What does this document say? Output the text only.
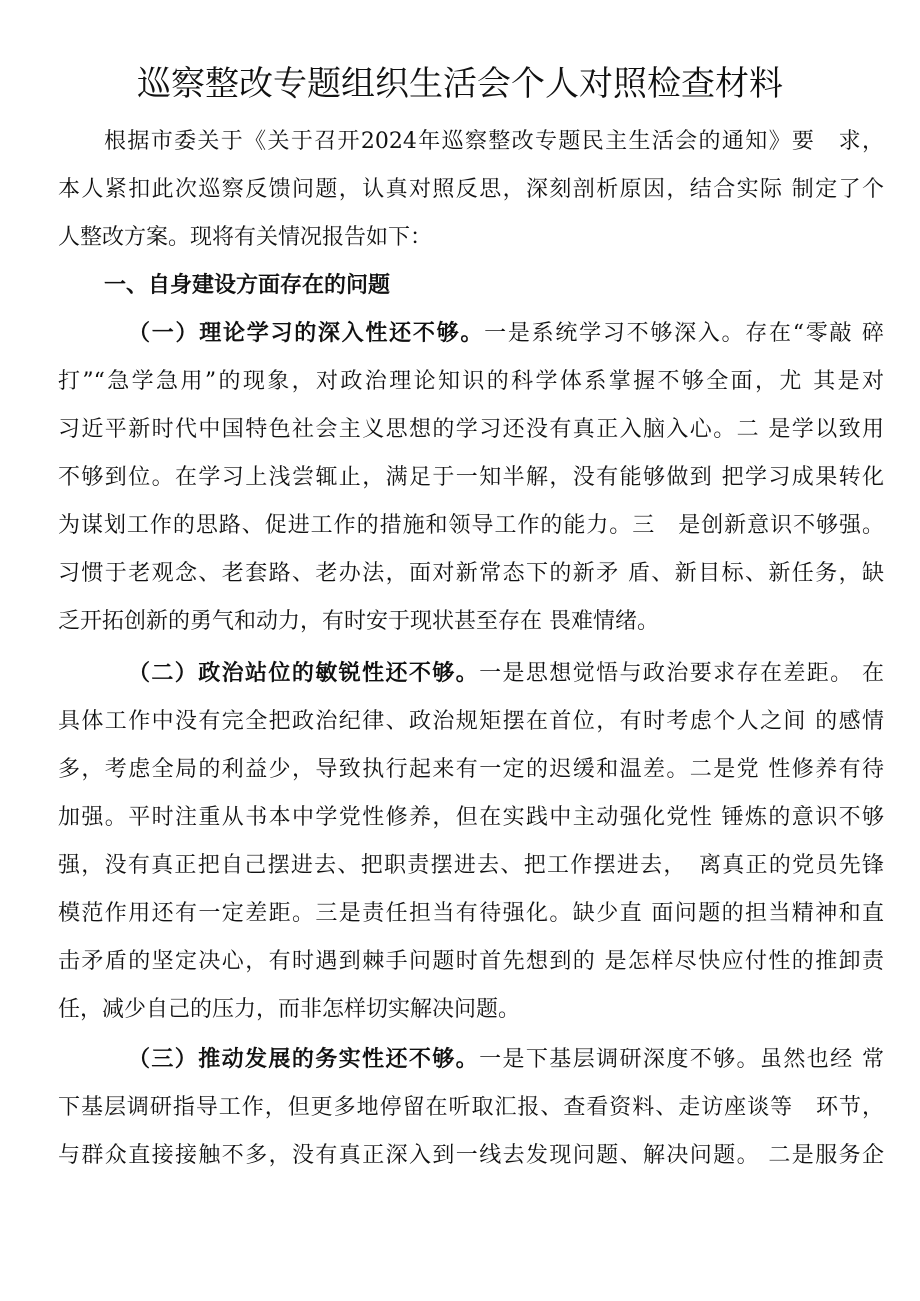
巡察整改专题组织生活会个人对照检查材料
根据市委关于《关于召开2024年巡察整改专题民主生活会的通知》要　求，
本人紧扣此次巡察反馈问题，认真对照反思，深刻剖析原因，结合实际 制定了个
人整改方案。现将有关情况报告如下：
一、自身建设方面存在的问题
（一）理论学习的深入性还不够。一是系统学习不够深入。存在“零敲 碎
打”“急学急用”的现象，对政治理论知识的科学体系掌握不够全面，尤 其是对
习近平新时代中国特色社会主义思想的学习还没有真正入脑入心。二 是学以致用
不够到位。在学习上浅尝辄止，满足于一知半解，没有能够做到 把学习成果转化
为谋划工作的思路、促进工作的措施和领导工作的能力。三　是创新意识不够强。
习惯于老观念、老套路、老办法，面对新常态下的新矛 盾、新目标、新任务，缺
乏开拓创新的勇气和动力，有时安于现状甚至存在 畏难情绪。
（二）政治站位的敏锐性还不够。一是思想觉悟与政治要求存在差距。 在
具体工作中没有完全把政治纪律、政治规矩摆在首位，有时考虑个人之间 的感情
多，考虑全局的利益少，导致执行起来有一定的迟缓和温差。二是党 性修养有待
加强。平时注重从书本中学党性修养，但在实践中主动强化党性 锤炼的意识不够
强，没有真正把自己摆进去、把职责摆进去、把工作摆进去，　离真正的党员先锋
模范作用还有一定差距。三是责任担当有待强化。缺少直 面问题的担当精神和直
击矛盾的坚定决心，有时遇到棘手问题时首先想到的 是怎样尽快应付性的推卸责
任，减少自己的压力，而非怎样切实解决问题。
（三）推动发展的务实性还不够。一是下基层调研深度不够。虽然也经 常
下基层调研指导工作，但更多地停留在听取汇报、查看资料、走访座谈等　环节，
与群众直接接触不多，没有真正深入到一线去发现问题、解决问题。 二是服务企
